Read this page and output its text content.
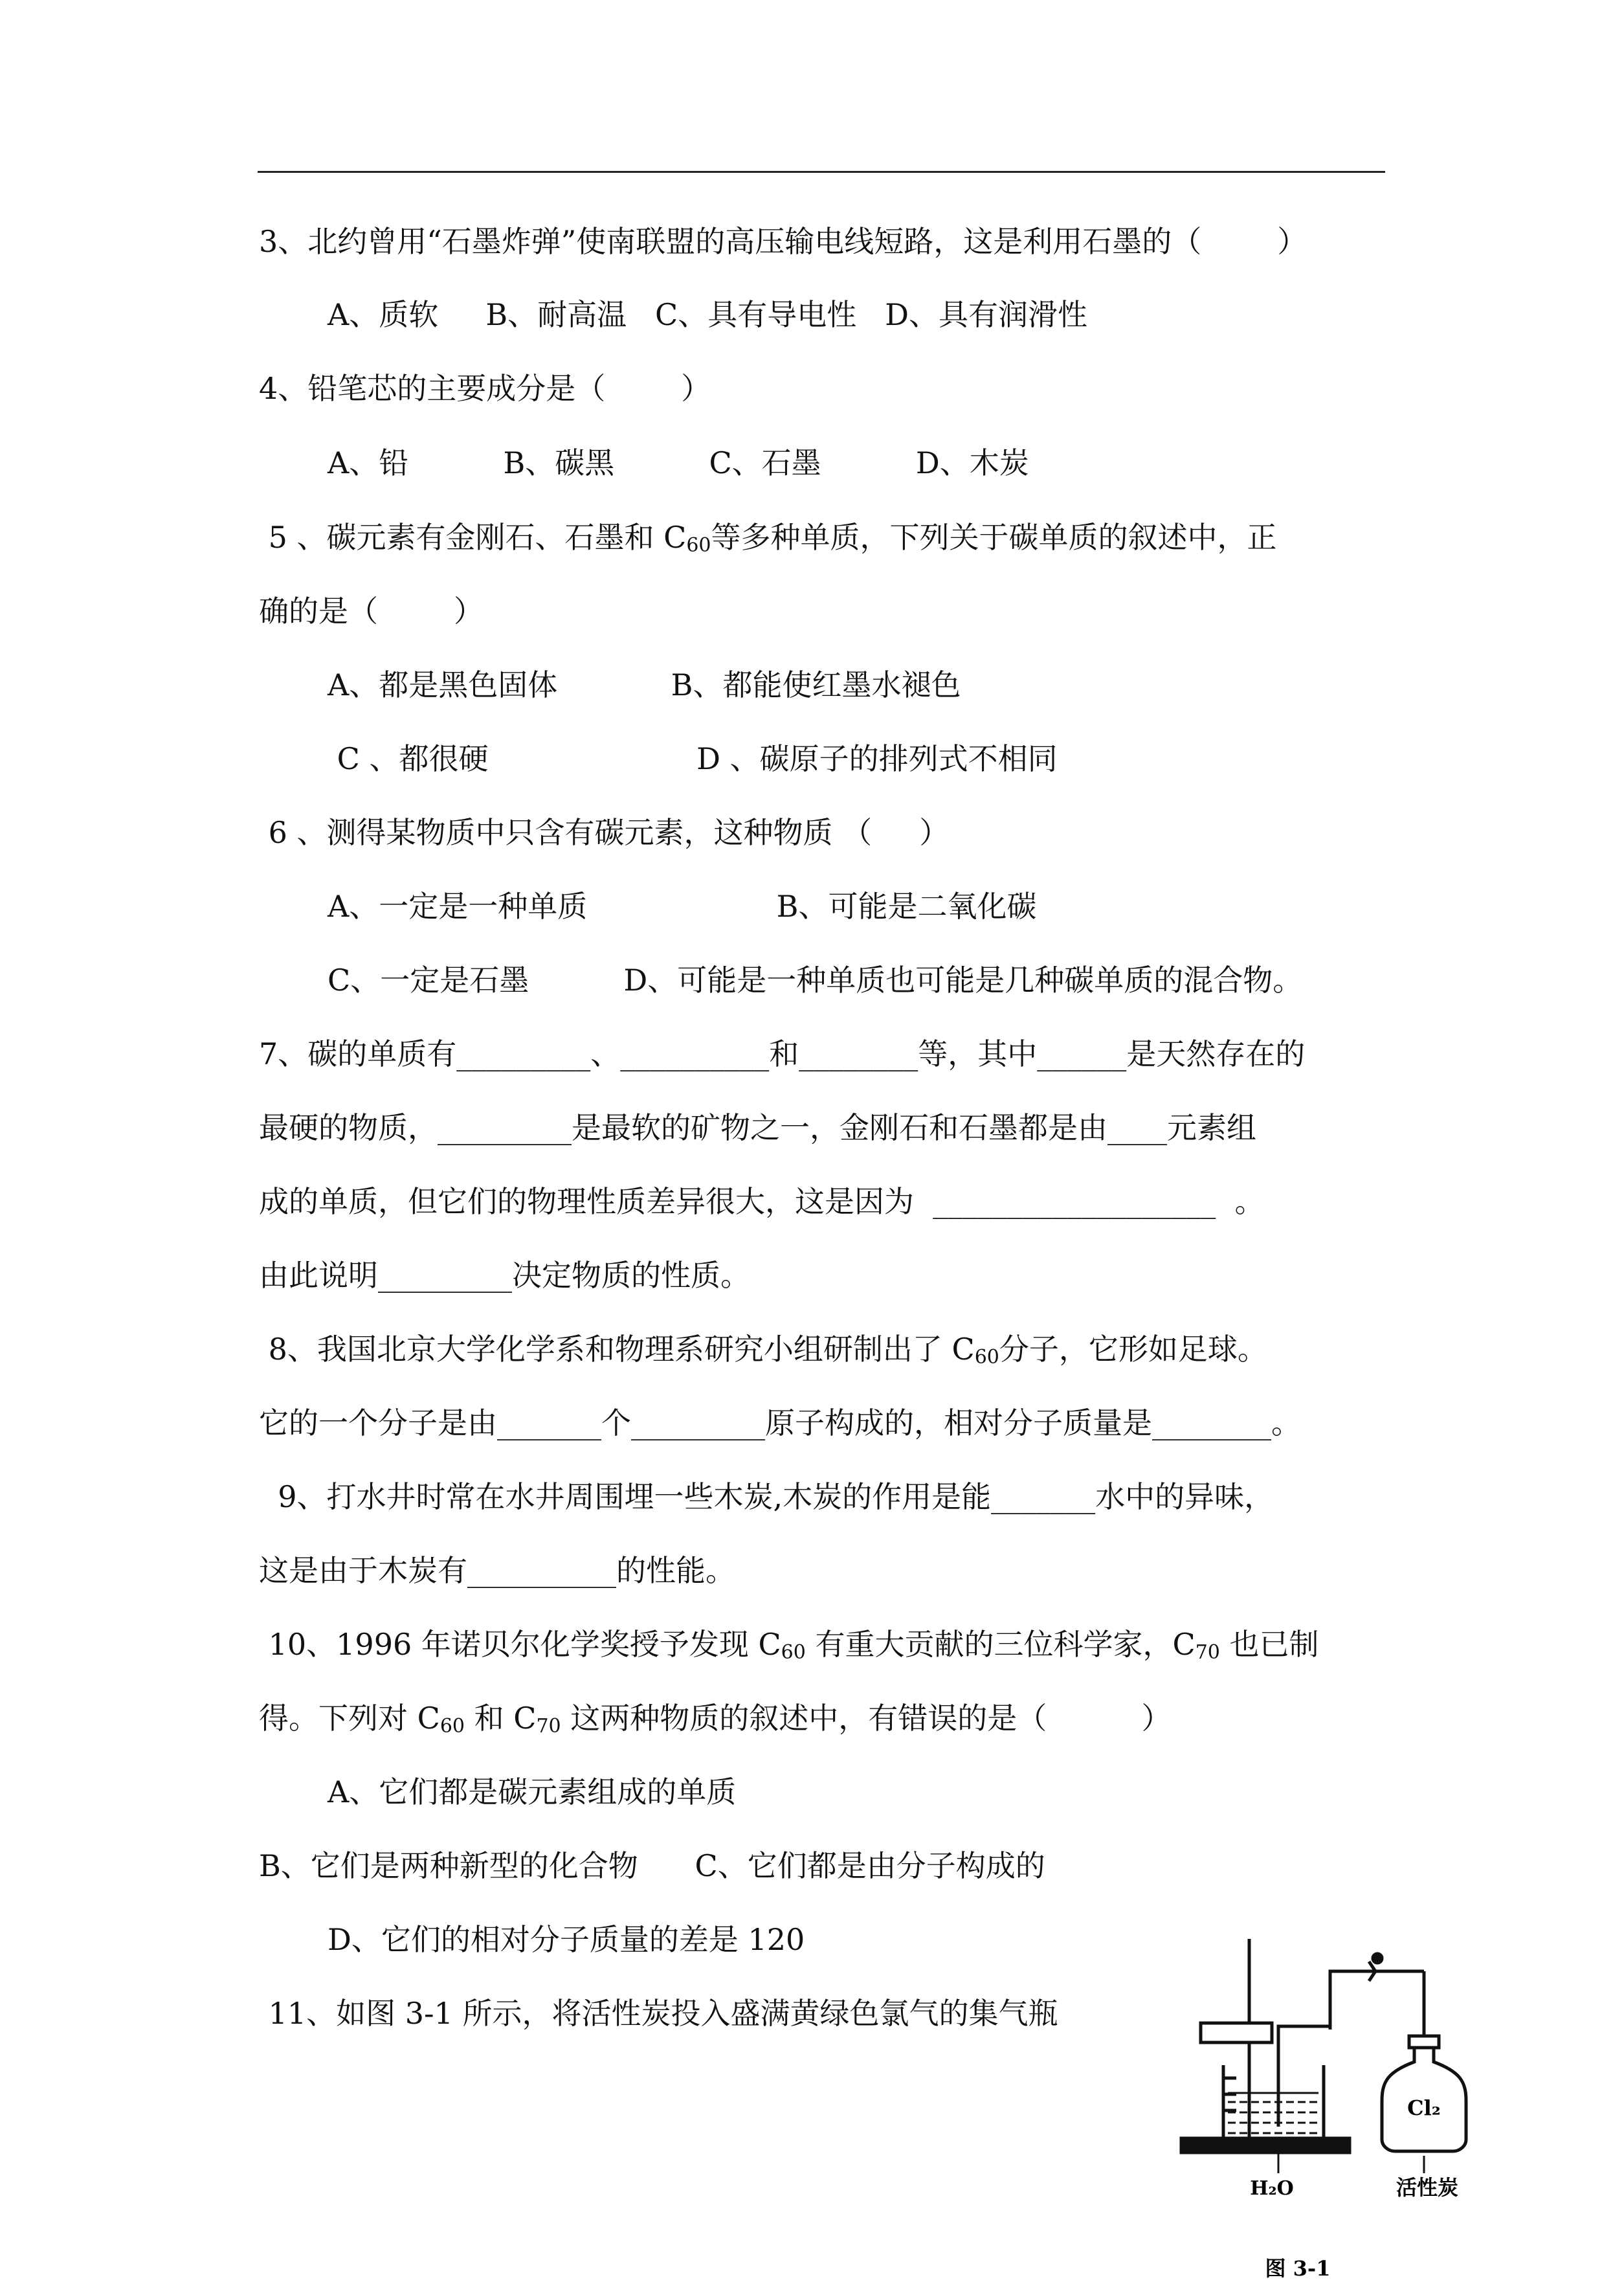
3、北约曾用“石墨炸弹”使南联盟的高压输电线短路，这是利用石墨的（        ）
A、质软     B、耐高温   C、具有导电性   D、具有润滑性
4、铅笔芯的主要成分是（        ）
A、铅          B、碳黑          C、石墨          D、木炭
5 、碳元素有金刚石、石墨和 $C_{60}$等多种单质，下列关于碳单质的叙述中，正
确的是（        ）
A、都是黑色固体            B、都能使红墨水褪色
C 、都很硬                      D 、碳原子的排列式不相同
6 、测得某物质中只含有碳元素，这种物质 （     ）
A、一定是一种单质                    B、可能是二氧化碳
C、一定是石墨          D、可能是一种单质也可能是几种碳单质的混合物。
7、碳的单质有_________、__________和________等，其中______是天然存在的
最硬的物质，_________是最软的矿物之一，金刚石和石墨都是由____元素组
成的单质，但它们的物理性质差异很大，这是因为  ___________________  。
由此说明_________决定物质的性质。
8、我国北京大学化学系和物理系研究小组研制出了 $C_{60}$分子，它形如足球。
它的一个分子是由_______个_________原子构成的，相对分子质量是________。
9、打水井时常在水井周围埋一些木炭,木炭的作用是能_______水中的异味，
这是由于木炭有__________的性能。
10、1996 年诺贝尔化学奖授予发现 $C_{60}$ 有重大贡献的三位科学家，$C_{70}$ 也已制
得。下列对 $C_{60}$ 和 $C_{70}$ 这两种物质的叙述中，有错误的是（          ）
A、它们都是碳元素组成的单质
B、它们是两种新型的化合物      C、它们都是由分子构成的
D、它们的相对分子质量的差是 120
11、如图 3-1 所示，将活性炭投入盛满黄绿色氯气的集气瓶
Cl₂
H₂O	活性炭
图 3-1
